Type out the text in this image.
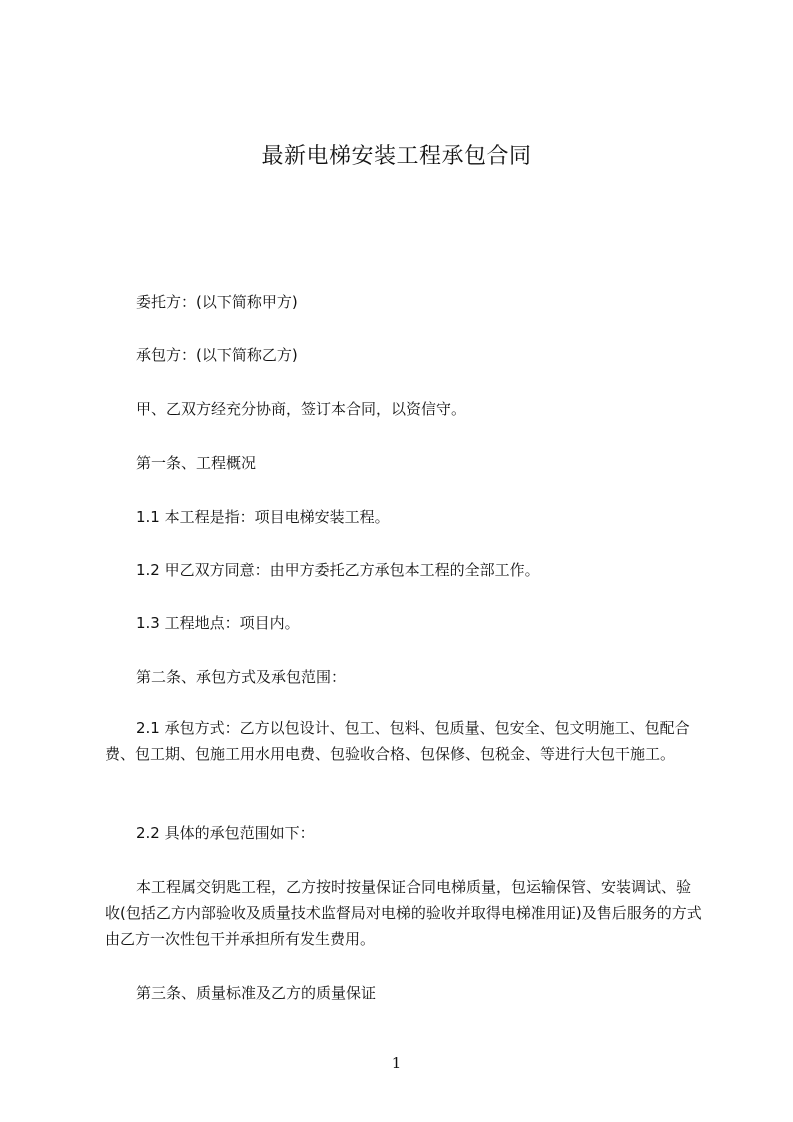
最新电梯安装工程承包合同

委托方：(以下简称甲方)

承包方：(以下简称乙方)

甲、乙双方经充分协商，签订本合同，以资信守。

第一条、工程概况

1.1 本工程是指：项目电梯安装工程。

1.2 甲乙双方同意：由甲方委托乙方承包本工程的全部工作。

1.3 工程地点：项目内。

第二条、承包方式及承包范围：

2.1 承包方式：乙方以包设计、包工、包料、包质量、包安全、包文明施工、包配合费、包工期、包施工用水用电费、包验收合格、包保修、包税金、等进行大包干施工。

2.2 具体的承包范围如下：

本工程属交钥匙工程，乙方按时按量保证合同电梯质量，包运输保管、安装调试、验收(包括乙方内部验收及质量技术监督局对电梯的验收并取得电梯准用证)及售后服务的方式由乙方一次性包干并承担所有发生费用。

第三条、质量标准及乙方的质量保证

1
